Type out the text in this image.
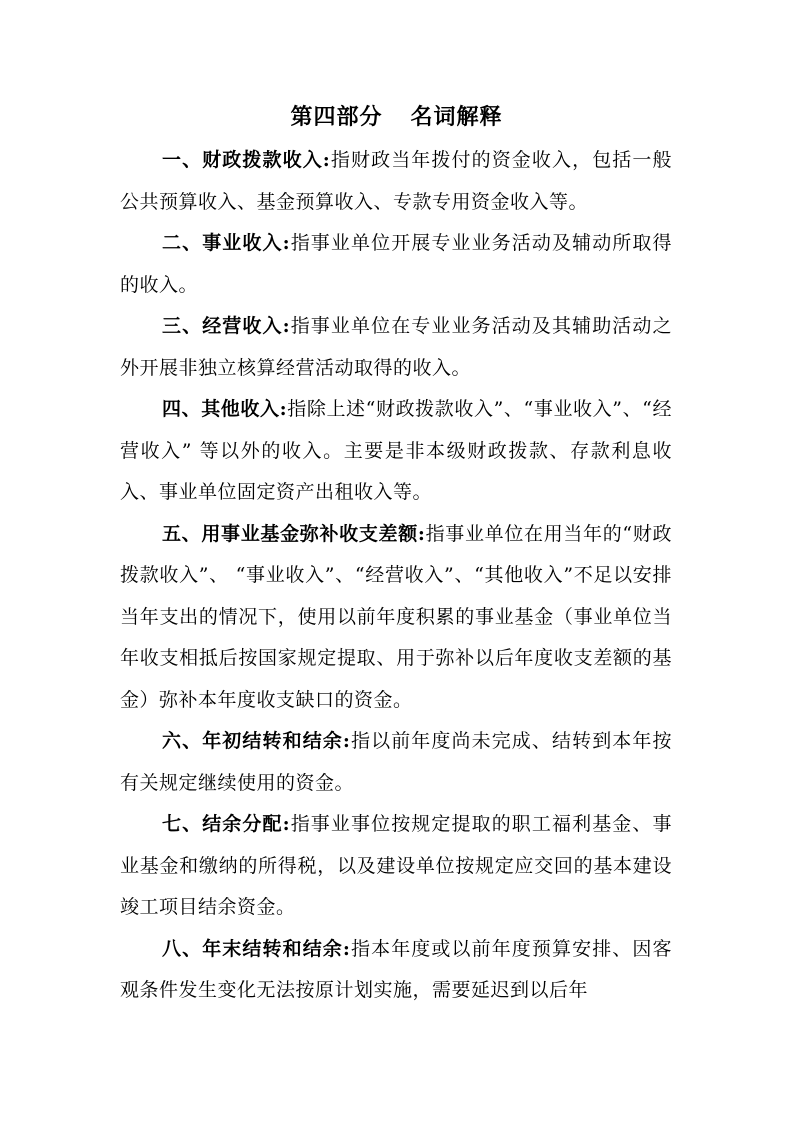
第四部分 名词解释

一、财政拨款收入:指财政当年拨付的资金收入，包括一般公共预算收入、基金预算收入、专款专用资金收入等。

二、事业收入:指事业单位开展专业业务活动及辅动所取得的收入。

三、经营收入:指事业单位在专业业务活动及其辅助活动之外开展非独立核算经营活动取得的收入。

四、其他收入:指除上述“财政拨款收入”、“事业收入”、“经营收入” 等以外的收入。主要是非本级财政拨款、存款利息收入、事业单位固定资产出租收入等。

五、用事业基金弥补收支差额:指事业单位在用当年的“财政拨款收入”、 “事业收入”、“经营收入”、“其他收入”不足以安排当年支出的情况下，使用以前年度积累的事业基金（事业单位当年收支相抵后按国家规定提取、用于弥补以后年度收支差额的基金）弥补本年度收支缺口的资金。

六、年初结转和结余:指以前年度尚未完成、结转到本年按有关规定继续使用的资金。

七、结余分配:指事业事位按规定提取的职工福利基金、事业基金和缴纳的所得税，以及建设单位按规定应交回的基本建设竣工项目结余资金。

八、年末结转和结余:指本年度或以前年度预算安排、因客观条件发生变化无法按原计划实施，需要延迟到以后年
